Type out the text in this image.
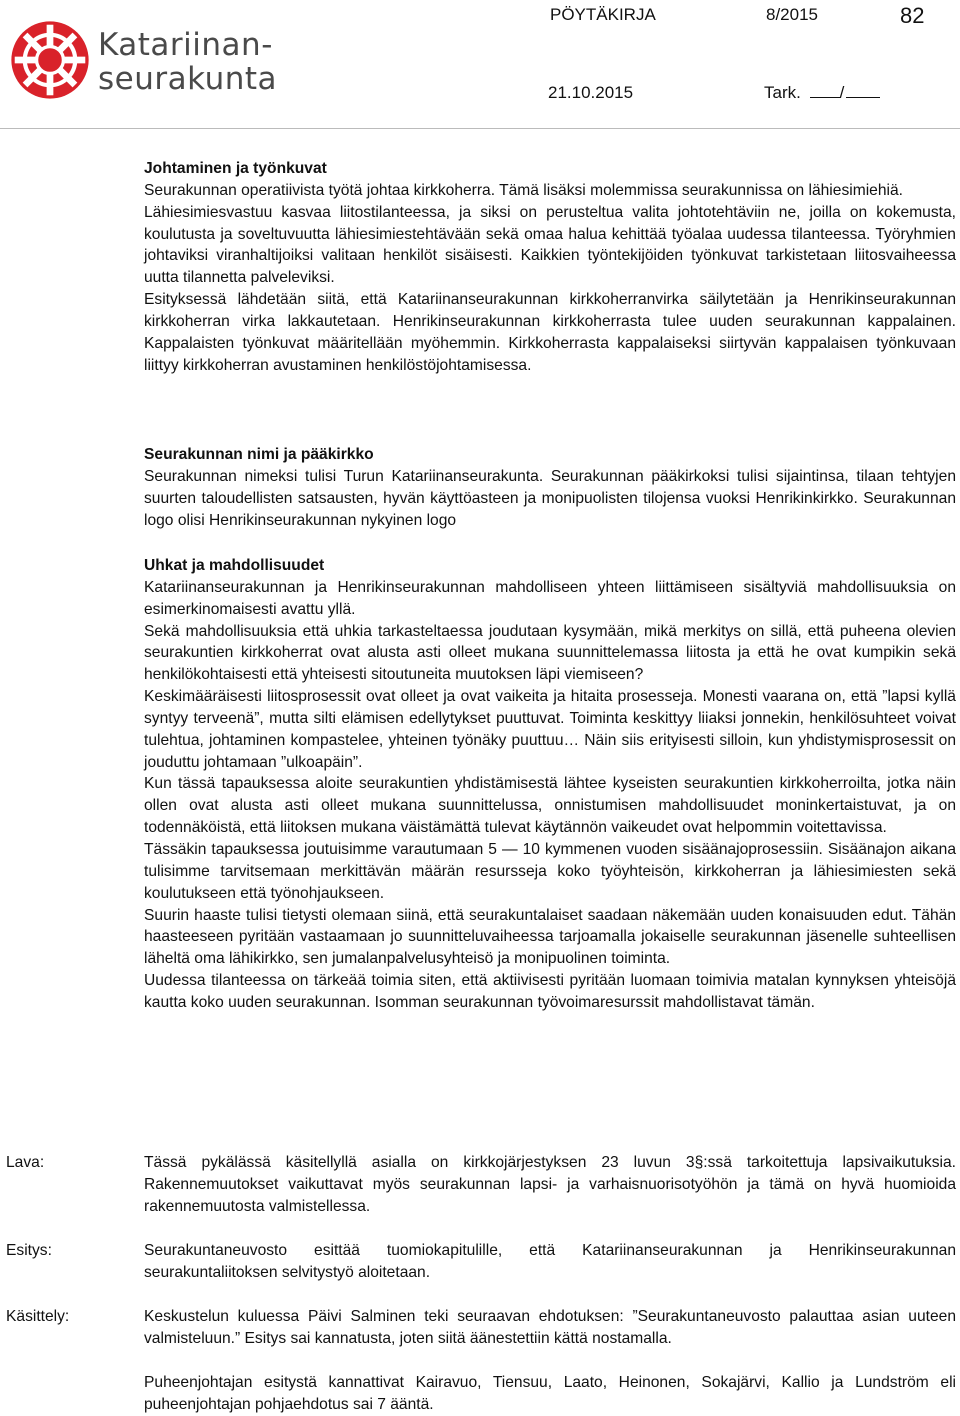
Katariinan-
seurakunta
PÖYTÄKIRJA	8/2015	82
21.10.2015	Tark. /

Johtaminen ja työnkuvat

Seurakunnan operatiivista työtä johtaa kirkkoherra. Tämä lisäksi molemmissa seurakunnissa on lähiesimiehiä.

Lähiesimiesvastuu kasvaa liitostilanteessa, ja siksi on perusteltua valita johtotehtäviin ne, joilla on kokemusta, koulutusta ja soveltuvuutta lähiesimiestehtävään sekä omaa halua kehittää työalaa uudessa tilanteessa. Työryhmien johtaviksi viranhaltijoiksi valitaan henkilöt sisäisesti. Kaikkien työntekijöiden työnkuvat tarkistetaan liitosvaiheessa uutta tilannetta palveleviksi.

Esityksessä lähdetään siitä, että Katariinanseurakunnan kirkkoherranvirka säilytetään ja Henrikinseurakunnan kirkkoherran virka lakkautetaan. Henrikinseurakunnan kirkkoherrasta tulee uuden seurakunnan kappalainen. Kappalaisten työnkuvat määritellään myöhemmin. Kirkkoherrasta kappalaiseksi siirtyvän kappalaisen työnkuvaan liittyy kirkkoherran avustaminen henkilöstöjohtamisessa.

Seurakunnan nimi ja pääkirkko

Seurakunnan nimeksi tulisi Turun Katariinanseurakunta. Seurakunnan pääkirkoksi tulisi sijaintinsa, tilaan tehtyjen suurten taloudellisten satsausten, hyvän käyttöasteen ja monipuolisten tilojensa vuoksi Henrikinkirkko. Seurakunnan logo olisi Henrikinseurakunnan nykyinen logo

Uhkat ja mahdollisuudet

Katariinanseurakunnan ja Henrikinseurakunnan mahdolliseen yhteen liittämiseen sisältyviä mahdollisuuksia on esimerkinomaisesti avattu yllä.

Sekä mahdollisuuksia että uhkia tarkasteltaessa joudutaan kysymään, mikä merkitys on sillä, että puheena olevien seurakuntien kirkkoherrat ovat alusta asti olleet mukana suunnittelemassa liitosta ja että he ovat kumpikin sekä henkilökohtaisesti että yhteisesti sitoutuneita muutoksen läpi viemiseen?

Keskimääräisesti liitosprosessit ovat olleet ja ovat vaikeita ja hitaita prosesseja. Monesti vaarana on, että ”lapsi kyllä syntyy terveenä”, mutta silti elämisen edellytykset puuttuvat. Toiminta keskittyy liiaksi jonnekin, henkilösuhteet voivat tulehtua, johtaminen kompastelee, yhteinen työnäky puuttuu… Näin siis erityisesti silloin, kun yhdistymisprosessit on jouduttu johtamaan ”ulkoapäin”.

Kun tässä tapauksessa aloite seurakuntien yhdistämisestä lähtee kyseisten seurakuntien kirkkoherroilta, jotka näin ollen ovat alusta asti olleet mukana suunnittelussa, onnistumisen mahdollisuudet moninkertaistuvat, ja on todennäköistä, että liitoksen mukana väistämättä tulevat käytännön vaikeudet ovat helpommin voitettavissa.

Tässäkin tapauksessa joutuisimme varautumaan 5 — 10 kymmenen vuoden sisäänajoprosessiin. Sisäänajon aikana tulisimme tarvitsemaan merkittävän määrän resursseja koko työyhteisön, kirkkoherran ja lähiesimiesten sekä koulutukseen että työnohjaukseen.

Suurin haaste tulisi tietysti olemaan siinä, että seurakuntalaiset saadaan näkemään uuden konaisuuden edut. Tähän haasteeseen pyritään vastaamaan jo suunnitteluvaiheessa tarjoamalla jokaiselle seurakunnan jäsenelle suhteellisen läheltä oma lähikirkko, sen jumalanpalvelusyhteisö ja monipuolinen toiminta.

Uudessa tilanteessa on tärkeää toimia siten, että aktiivisesti pyritään luomaan toimivia matalan kynnyksen yhteisöjä kautta koko uuden seurakunnan. Isomman seurakunnan työvoimaresurssit mahdollistavat tämän.

Lava:	Tässä pykälässä käsitellyllä asialla on kirkkojärjestyksen 23 luvun 3§:ssä tarkoitettuja lapsivaikutuksia. Rakennemuutokset vaikuttavat myös seurakunnan lapsi- ja varhaisnuorisotyöhön ja tämä on hyvä huomioida rakennemuutosta valmistellessa.

Esitys:	Seurakuntaneuvosto esittää tuomiokapitulille, että Katariinanseurakunnan ja Henrikinseurakunnan seurakuntaliitoksen selvitystyö aloitetaan.

Käsittely:	Keskustelun kuluessa Päivi Salminen teki seuraavan ehdotuksen: ”Seurakuntaneuvosto palauttaa asian uuteen valmisteluun.” Esitys sai kannatusta, joten siitä äänestettiin kättä nostamalla.

Puheenjohtajan esitystä kannattivat Kairavuo, Tiensuu, Laato, Heinonen, Sokajärvi, Kallio ja Lundström eli puheenjohtajan pohjaehdotus sai 7 ääntä.
